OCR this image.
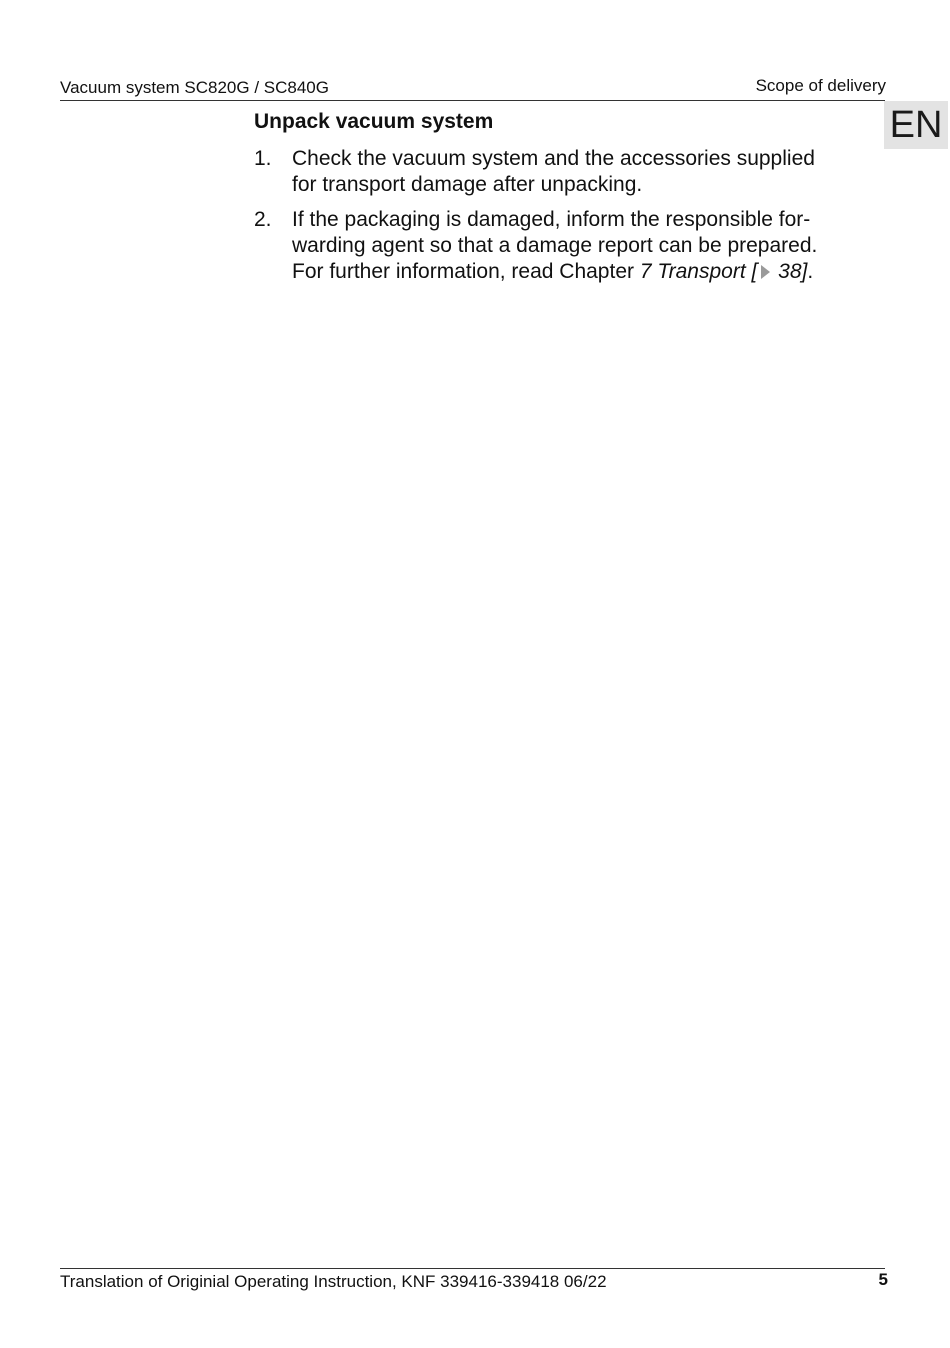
Vacuum system SC820G / SC840G	Scope of delivery
EN
Unpack vacuum system
1. Check the vacuum system and the accessories supplied
for transport damage after unpacking.
2. If the packaging is damaged, inform the responsible for-
warding agent so that a damage report can be prepared.
For further information, read Chapter 7 Transport [ 38].
Translation of Originial Operating Instruction, KNF 339416-339418 06/22	5
